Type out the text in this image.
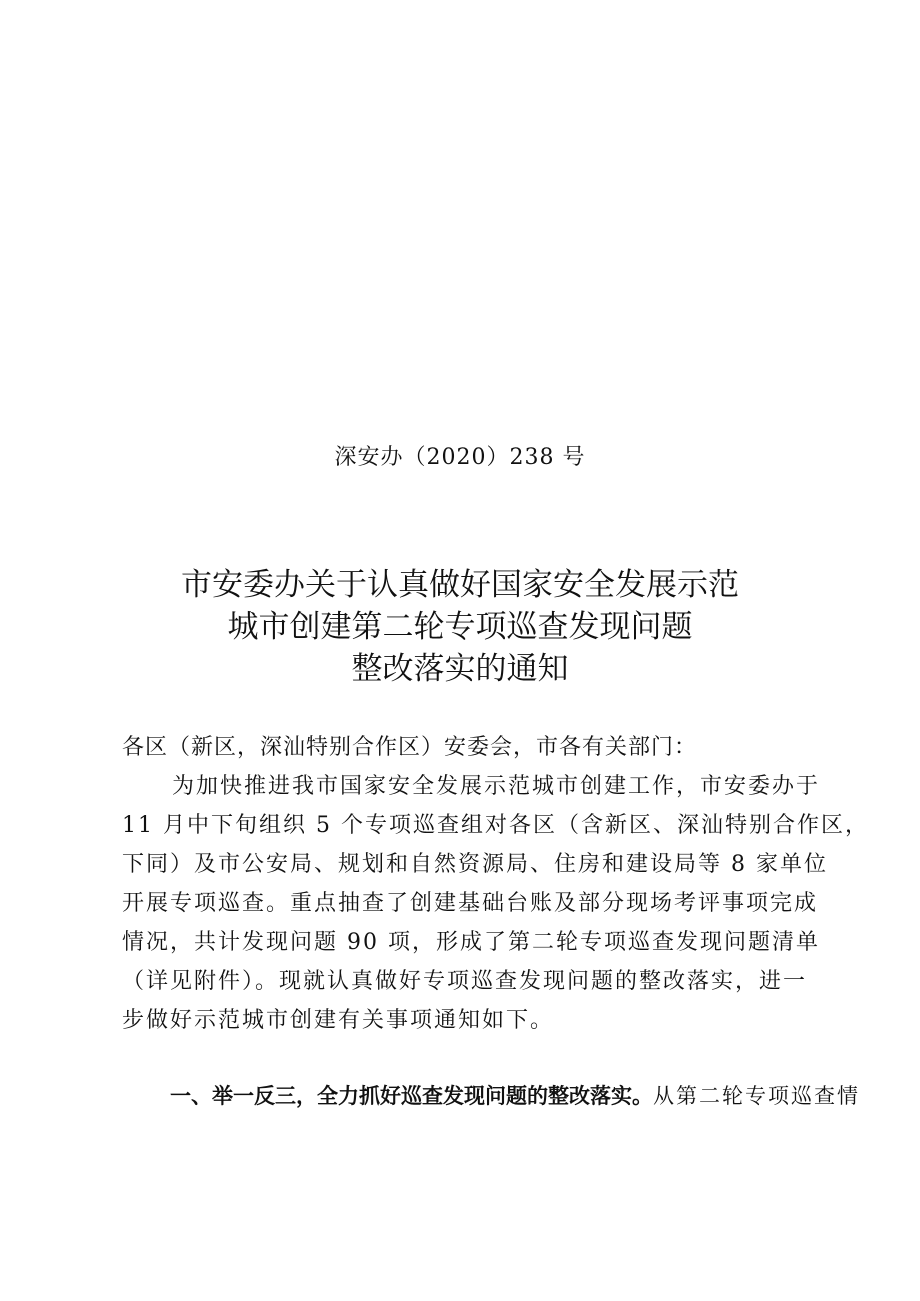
深安办（2020）238 号
市安委办关于认真做好国家安全发展示范
城市创建第二轮专项巡查发现问题
整改落实的通知
各区（新区，深汕特别合作区）安委会，市各有关部门：
为加快推进我市国家安全发展示范城市创建工作，市安委办于
11 月中下旬组织 5 个专项巡查组对各区（含新区、深汕特别合作区，
下同）及市公安局、规划和自然资源局、住房和建设局等 8 家单位
开展专项巡查。重点抽查了创建基础台账及部分现场考评事项完成
情况，共计发现问题 90 项，形成了第二轮专项巡查发现问题清单
（详见附件）。现就认真做好专项巡查发现问题的整改落实，进一
步做好示范城市创建有关事项通知如下。
一、举一反三，全力抓好巡查发现问题的整改落实。从第二轮专项巡查情
